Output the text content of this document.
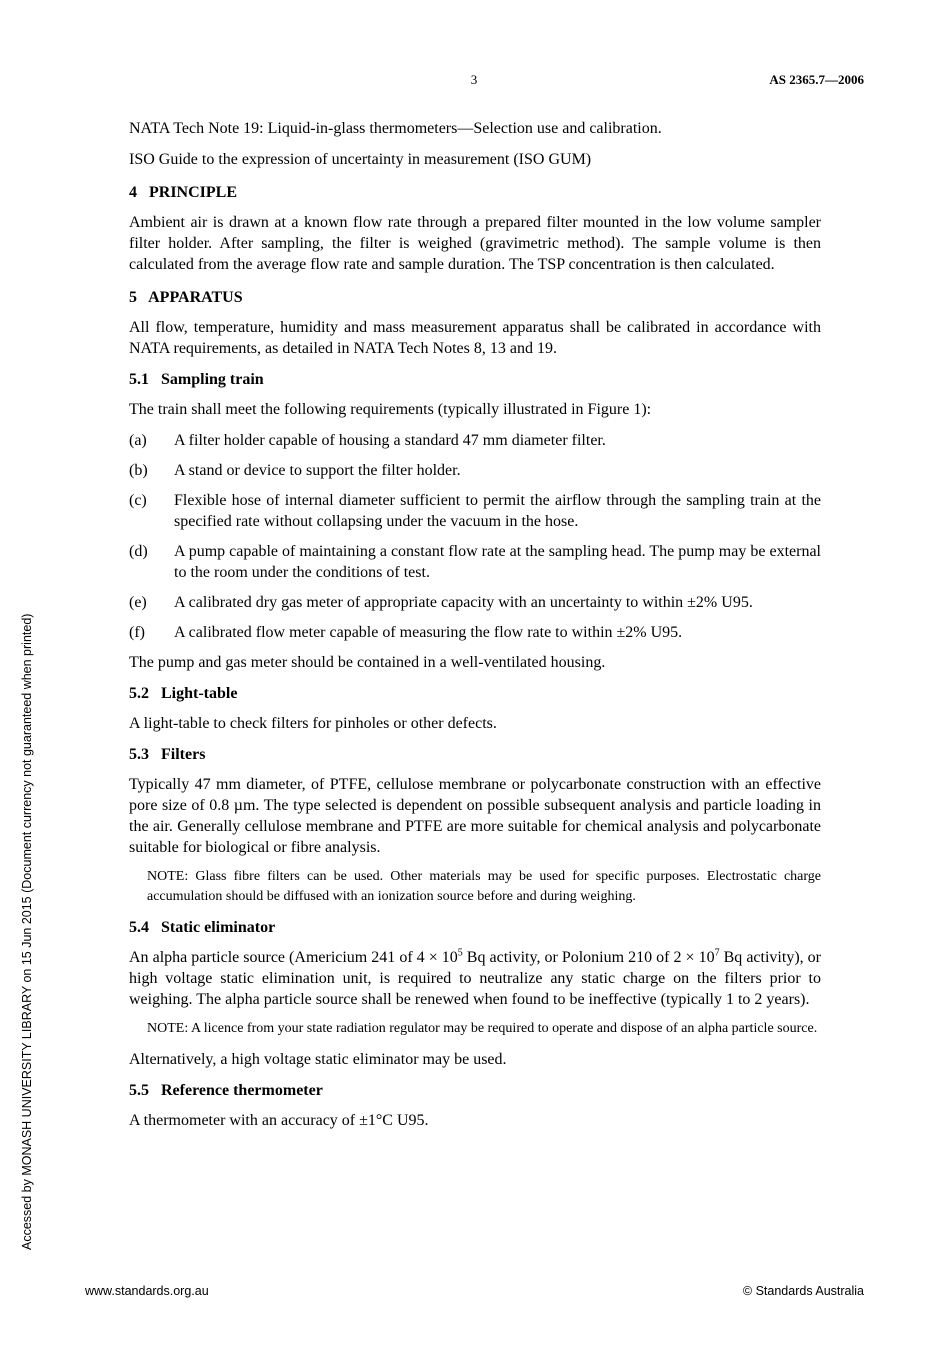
3	AS 2365.7—2006

NATA Tech Note 19: Liquid-in-glass thermometers—Selection use and calibration.

ISO Guide to the expression of uncertainty in measurement (ISO GUM)

4   PRINCIPLE

Ambient air is drawn at a known flow rate through a prepared filter mounted in the low volume sampler filter holder. After sampling, the filter is weighed (gravimetric method). The sample volume is then calculated from the average flow rate and sample duration. The TSP concentration is then calculated.

5   APPARATUS

All flow, temperature, humidity and mass measurement apparatus shall be calibrated in accordance with NATA requirements, as detailed in NATA Tech Notes 8, 13 and 19.

5.1   Sampling train

The train shall meet the following requirements (typically illustrated in Figure 1):

(a)	A filter holder capable of housing a standard 47 mm diameter filter.
(b)	A stand or device to support the filter holder.
(c)	Flexible hose of internal diameter sufficient to permit the airflow through the sampling train at the specified rate without collapsing under the vacuum in the hose.
(d)	A pump capable of maintaining a constant flow rate at the sampling head. The pump may be external to the room under the conditions of test.
(e)	A calibrated dry gas meter of appropriate capacity with an uncertainty to within ±2% U95.
(f)	A calibrated flow meter capable of measuring the flow rate to within ±2% U95.

The pump and gas meter should be contained in a well-ventilated housing.

5.2   Light-table

A light-table to check filters for pinholes or other defects.

5.3   Filters

Typically 47 mm diameter, of PTFE, cellulose membrane or polycarbonate construction with an effective pore size of 0.8 µm. The type selected is dependent on possible subsequent analysis and particle loading in the air. Generally cellulose membrane and PTFE are more suitable for chemical analysis and polycarbonate suitable for biological or fibre analysis.

NOTE: Glass fibre filters can be used. Other materials may be used for specific purposes. Electrostatic charge accumulation should be diffused with an ionization source before and during weighing.

5.4   Static eliminator

An alpha particle source (Americium 241 of $4 \times 10^5$ Bq activity, or Polonium 210 of $2 \times 10^7$ Bq activity), or high voltage static elimination unit, is required to neutralize any static charge on the filters prior to weighing. The alpha particle source shall be renewed when found to be ineffective (typically 1 to 2 years).

NOTE: A licence from your state radiation regulator may be required to operate and dispose of an alpha particle source.

Alternatively, a high voltage static eliminator may be used.

5.5   Reference thermometer

A thermometer with an accuracy of ±1°C U95.

Accessed by MONASH UNIVERSITY LIBRARY on 15 Jun 2015 (Document currency not guaranteed when printed)
www.standards.org.au	© Standards Australia
